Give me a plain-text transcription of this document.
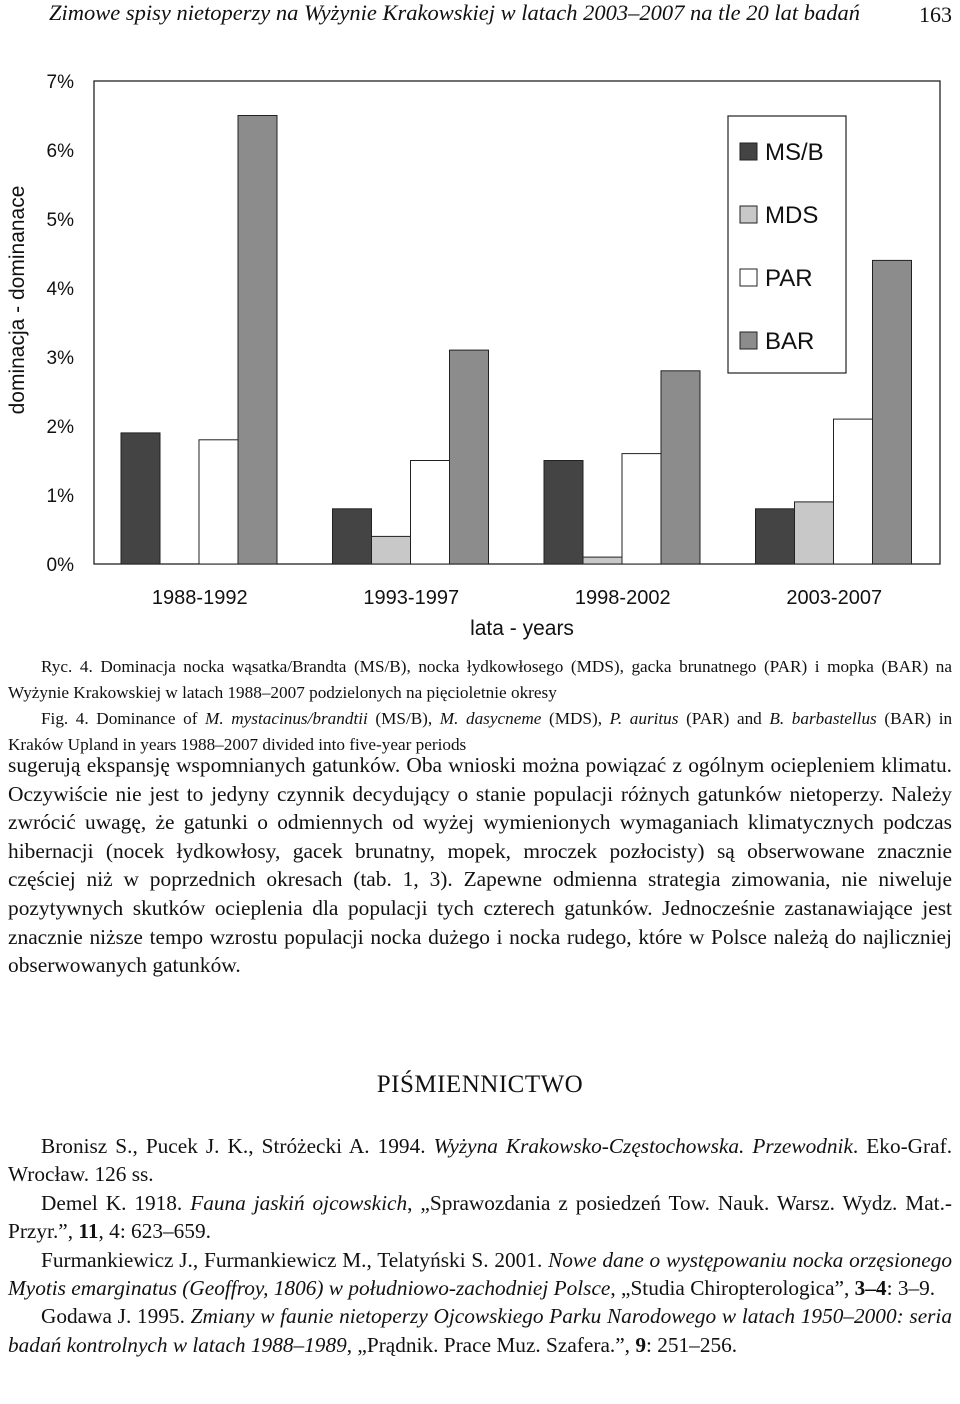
Zimowe spisy nietoperzy na Wyżynie Krakowskiej w latach 2003–2007 na tle 20 lat badań	163
0%
1%
2%
3%
4%
5%
6%
7%
1988-1992	1993-1997	1998-2002	2003-2007
dominacja - dominanace
lata - years
MS/B
MDS
PAR
BAR

Ryc. 4. Dominacja nocka wąsatka/Brandta (MS/B), nocka łydkowłosego (MDS), gacka brunatnego (PAR) i mopka (BAR) na Wyżynie Krakowskiej w latach 1988–2007 podzielonych na pięcioletnie okresy

Fig. 4. Dominance of M. mystacinus/brandtii (MS/B), M. dasycneme (MDS), P. auritus (PAR) and B. barbastellus (BAR) in Kraków Upland in years 1988–2007 divided into five-year periods

sugerują ekspansję wspomnianych gatunków. Oba wnioski można powiązać z ogólnym ociepleniem klimatu. Oczywiście nie jest to jedyny czynnik decydujący o stanie populacji różnych gatunków nietoperzy. Należy zwrócić uwagę, że gatunki o odmiennych od wyżej wymienionych wymaganiach klimatycznych podczas hibernacji (nocek łydkowłosy, gacek brunatny, mopek, mroczek pozłocisty) są obserwowane znacznie częściej niż w poprzednich okresach (tab. 1, 3). Zapewne odmienna strategia zimowania, nie niweluje pozytywnych skutków ocieplenia dla populacji tych czterech gatunków. Jednocześnie zastanawiające jest znacznie niższe tempo wzrostu populacji nocka dużego i nocka rudego, które w Polsce należą do najliczniej obserwowanych gatunków.
PIŚMIENNICTWO

Bronisz S., Pucek J. K., Stróżecki A. 1994. Wyżyna Krakowsko-Częstochowska. Przewodnik. Eko-Graf. Wrocław. 126 ss.

Demel K. 1918. Fauna jaskiń ojcowskich, „Sprawozdania z posiedzeń Tow. Nauk. Warsz. Wydz. Mat.-Przyr.”, 11, 4: 623–659.

Furmankiewicz J., Furmankiewicz M., Telatyński S. 2001. Nowe dane o występowaniu nocka orzęsionego Myotis emarginatus (Geoffroy, 1806) w południowo-zachodniej Polsce, „Studia Chiropterologica”, 3–4: 3–9.

Godawa J. 1995. Zmiany w faunie nietoperzy Ojcowskiego Parku Narodowego w latach 1950–2000: seria badań kontrolnych w latach 1988–1989, „Prądnik. Prace Muz. Szafera.”, 9: 251–256.
